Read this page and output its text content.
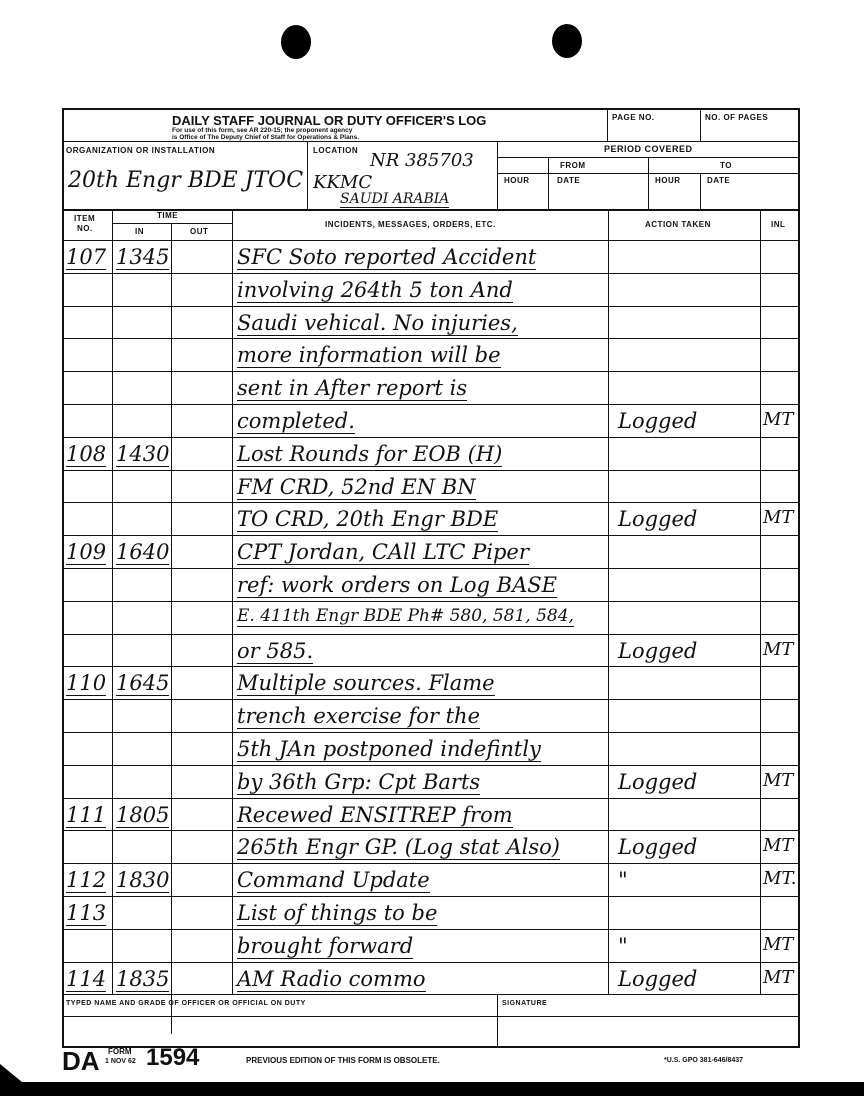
DAILY STAFF JOURNAL OR DUTY OFFICER'S LOG
For use of this form, see AR 220-15; the proponent agency
is Office of The Deputy Chief of Staff for Operations & Plans.
PAGE NO.	NO. OF PAGES
ORGANIZATION OR INSTALLATION	LOCATION	PERIOD COVERED
FROM	TO
HOUR	DATE	HOUR	DATE
20th Engr BDE JTOC
NR 385703
KKMC
SAUDI ARABIA
ITEM
NO.
TIME
IN	OUT
INCIDENTS, MESSAGES, ORDERS, ETC.	ACTION TAKEN	INL
107 1345	SFC Soto reported Accident
involving 264th 5 ton And
Saudi vehical. No injuries,
more information will be
sent in After report is
completed.	Logged	MT
108 1430	Lost Rounds for EOB (H)
FM CRD, 52nd EN BN
TO CRD, 20th Engr BDE	Logged	MT
109 1640	CPT Jordan, CAll LTC Piper
ref: work orders on Log BASE
E. 411th Engr BDE Ph# 580, 581, 584,
or 585.	Logged	MT
110 1645	Multiple sources. Flame
trench exercise for the
5th JAn postponed indefintly
by 36th Grp: Cpt Barts	Logged	MT
111 1805	Recewed ENSITREP from
265th Engr GP. (Log stat Also)	Logged	MT
112 1830	Command Update	"	MT.
113	List of things to be
brought forward	"	MT
114 1835	AM Radio commo	Logged	MT
TYPED NAME AND GRADE OF OFFICER OR OFFICIAL ON DUTY	SIGNATURE
DA FORM
1 NOV 62 1594	PREVIOUS EDITION OF THIS FORM IS OBSOLETE.	*U.S. GPO 381-646/8437
